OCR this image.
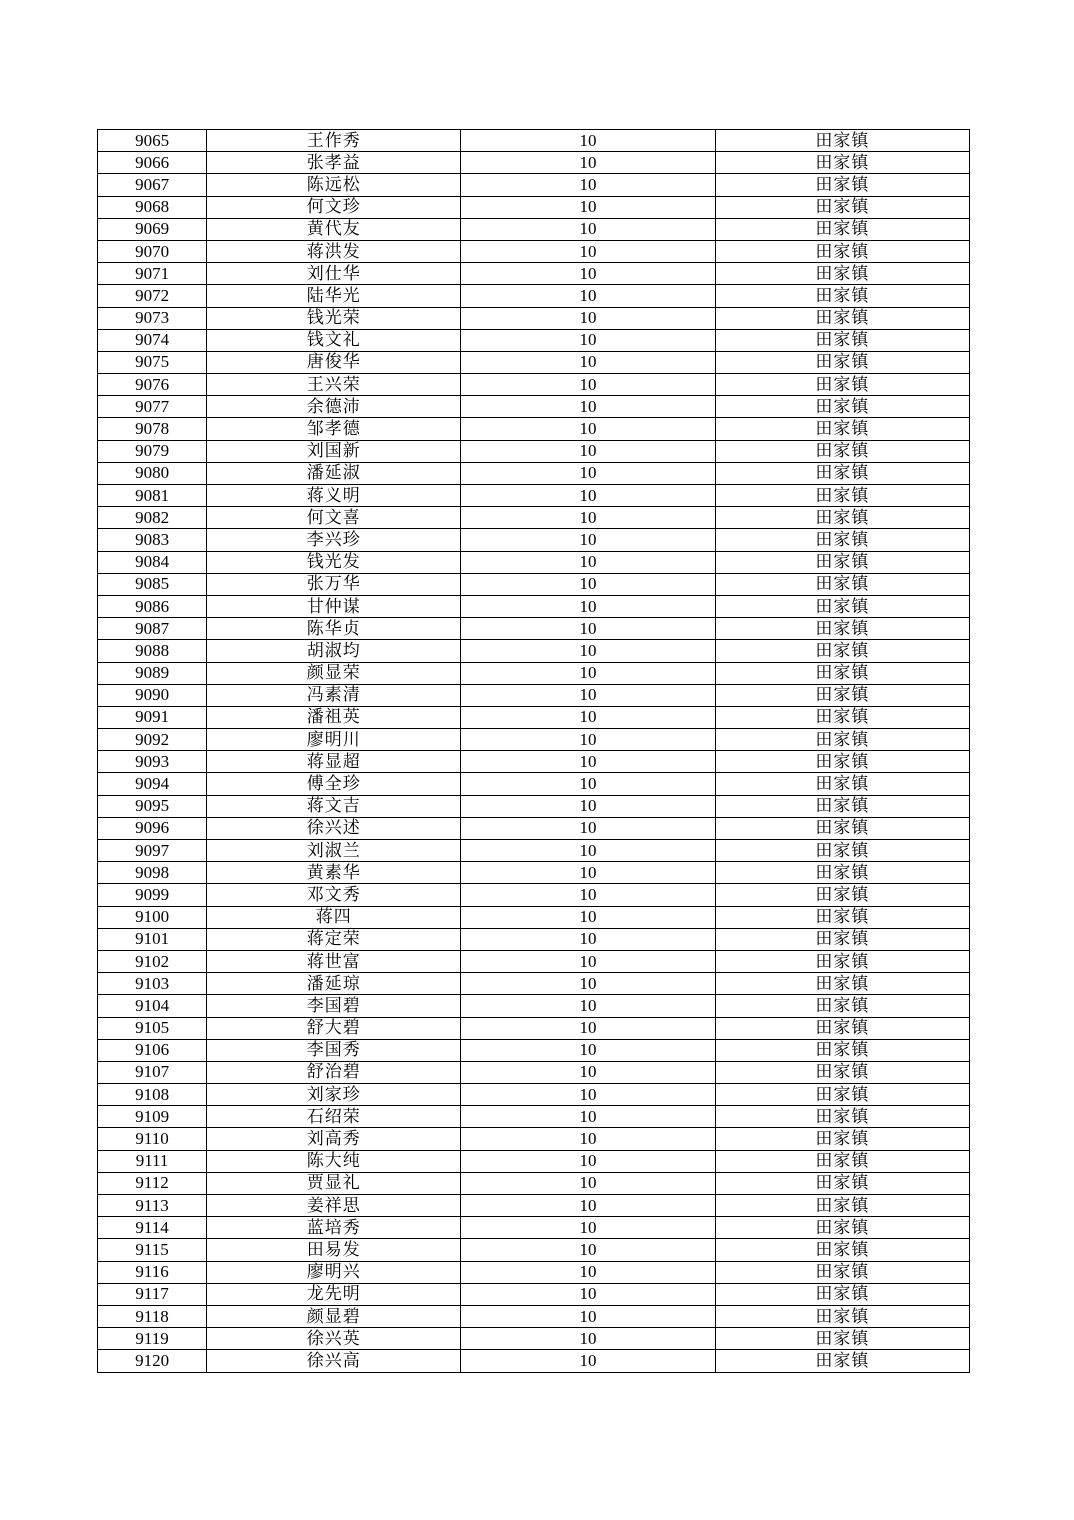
9065	王作秀	10	田家镇
9066	张孝益	10	田家镇
9067	陈远松	10	田家镇
9068	何文珍	10	田家镇
9069	黄代友	10	田家镇
9070	蒋洪发	10	田家镇
9071	刘仕华	10	田家镇
9072	陆华光	10	田家镇
9073	钱光荣	10	田家镇
9074	钱文礼	10	田家镇
9075	唐俊华	10	田家镇
9076	王兴荣	10	田家镇
9077	余德沛	10	田家镇
9078	邹孝德	10	田家镇
9079	刘国新	10	田家镇
9080	潘延淑	10	田家镇
9081	蒋义明	10	田家镇
9082	何文喜	10	田家镇
9083	李兴珍	10	田家镇
9084	钱光发	10	田家镇
9085	张万华	10	田家镇
9086	甘仲谋	10	田家镇
9087	陈华贞	10	田家镇
9088	胡淑均	10	田家镇
9089	颜显荣	10	田家镇
9090	冯素清	10	田家镇
9091	潘祖英	10	田家镇
9092	廖明川	10	田家镇
9093	蒋显超	10	田家镇
9094	傅全珍	10	田家镇
9095	蒋文吉	10	田家镇
9096	徐兴述	10	田家镇
9097	刘淑兰	10	田家镇
9098	黄素华	10	田家镇
9099	邓文秀	10	田家镇
9100	蒋四	10	田家镇
9101	蒋定荣	10	田家镇
9102	蒋世富	10	田家镇
9103	潘延琼	10	田家镇
9104	李国碧	10	田家镇
9105	舒大碧	10	田家镇
9106	李国秀	10	田家镇
9107	舒治碧	10	田家镇
9108	刘家珍	10	田家镇
9109	石绍荣	10	田家镇
9110	刘高秀	10	田家镇
9111	陈大纯	10	田家镇
9112	贾显礼	10	田家镇
9113	姜祥思	10	田家镇
9114	蓝培秀	10	田家镇
9115	田易发	10	田家镇
9116	廖明兴	10	田家镇
9117	龙先明	10	田家镇
9118	颜显碧	10	田家镇
9119	徐兴英	10	田家镇
9120	徐兴高	10	田家镇
